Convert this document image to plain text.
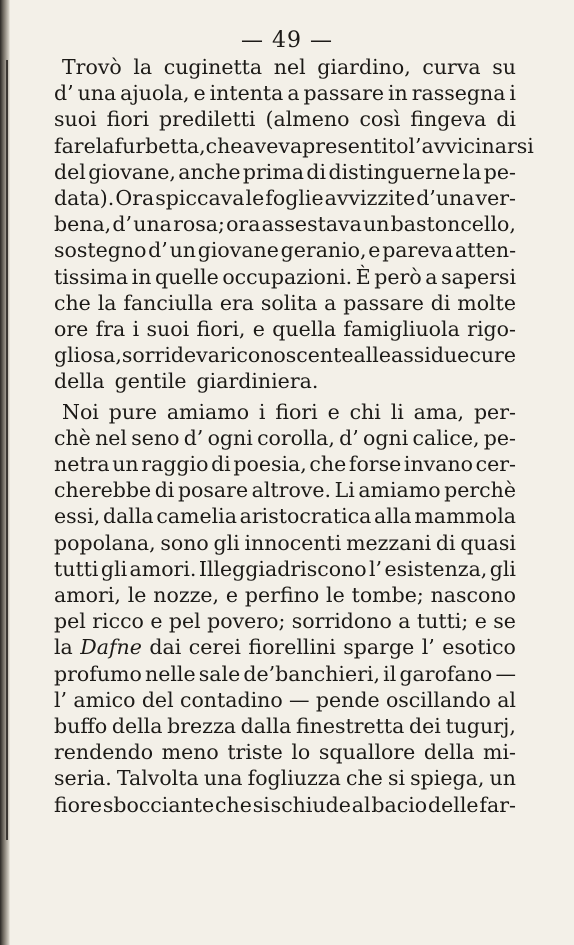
— 49 —
Trovò la cuginetta nel giardino, curva su
d’ una ajuola, e intenta a passare in rassegna i
suoi fiori prediletti (almeno così fingeva di
fare la furbetta, che aveva presentito l’avvicinarsi
del giovane, anche prima di distinguerne la pe-
data). Ora spiccava le foglie avvizzite d’una ver-
bena, d’ una rosa; ora assestava un bastoncello,
sostegno d’ un giovane geranio, e pareva atten-
tissima in quelle occupazioni. È però a sapersi
che la fanciulla era solita a passare di molte
ore fra i suoi fiori, e quella famigliuola rigo-
gliosa, sorrideva riconoscente alle assidue cure
della gentile giardiniera.
Noi pure amiamo i fiori e chi li ama, per-
chè nel seno d’ ogni corolla, d’ ogni calice, pe-
netra un raggio di poesia, che forse invano cer-
cherebbe di posare altrove. Li amiamo perchè
essi, dalla camelia aristocratica alla mammola
popolana, sono gli innocenti mezzani di quasi
tutti gli amori. Illeggiadriscono l’ esistenza, gli
amori, le nozze, e perfino le tombe; nascono
pel ricco e pel povero; sorridono a tutti; e se
la Dafne dai cerei fiorellini sparge l’ esotico
profumo nelle sale de’banchieri, il garofano —
l’ amico del contadino — pende oscillando al
buffo della brezza dalla finestretta dei tugurj,
rendendo meno triste lo squallore della mi-
seria. Talvolta una fogliuzza che si spiega, un
fiore sbocciante che si schiude al bacio delle far-
